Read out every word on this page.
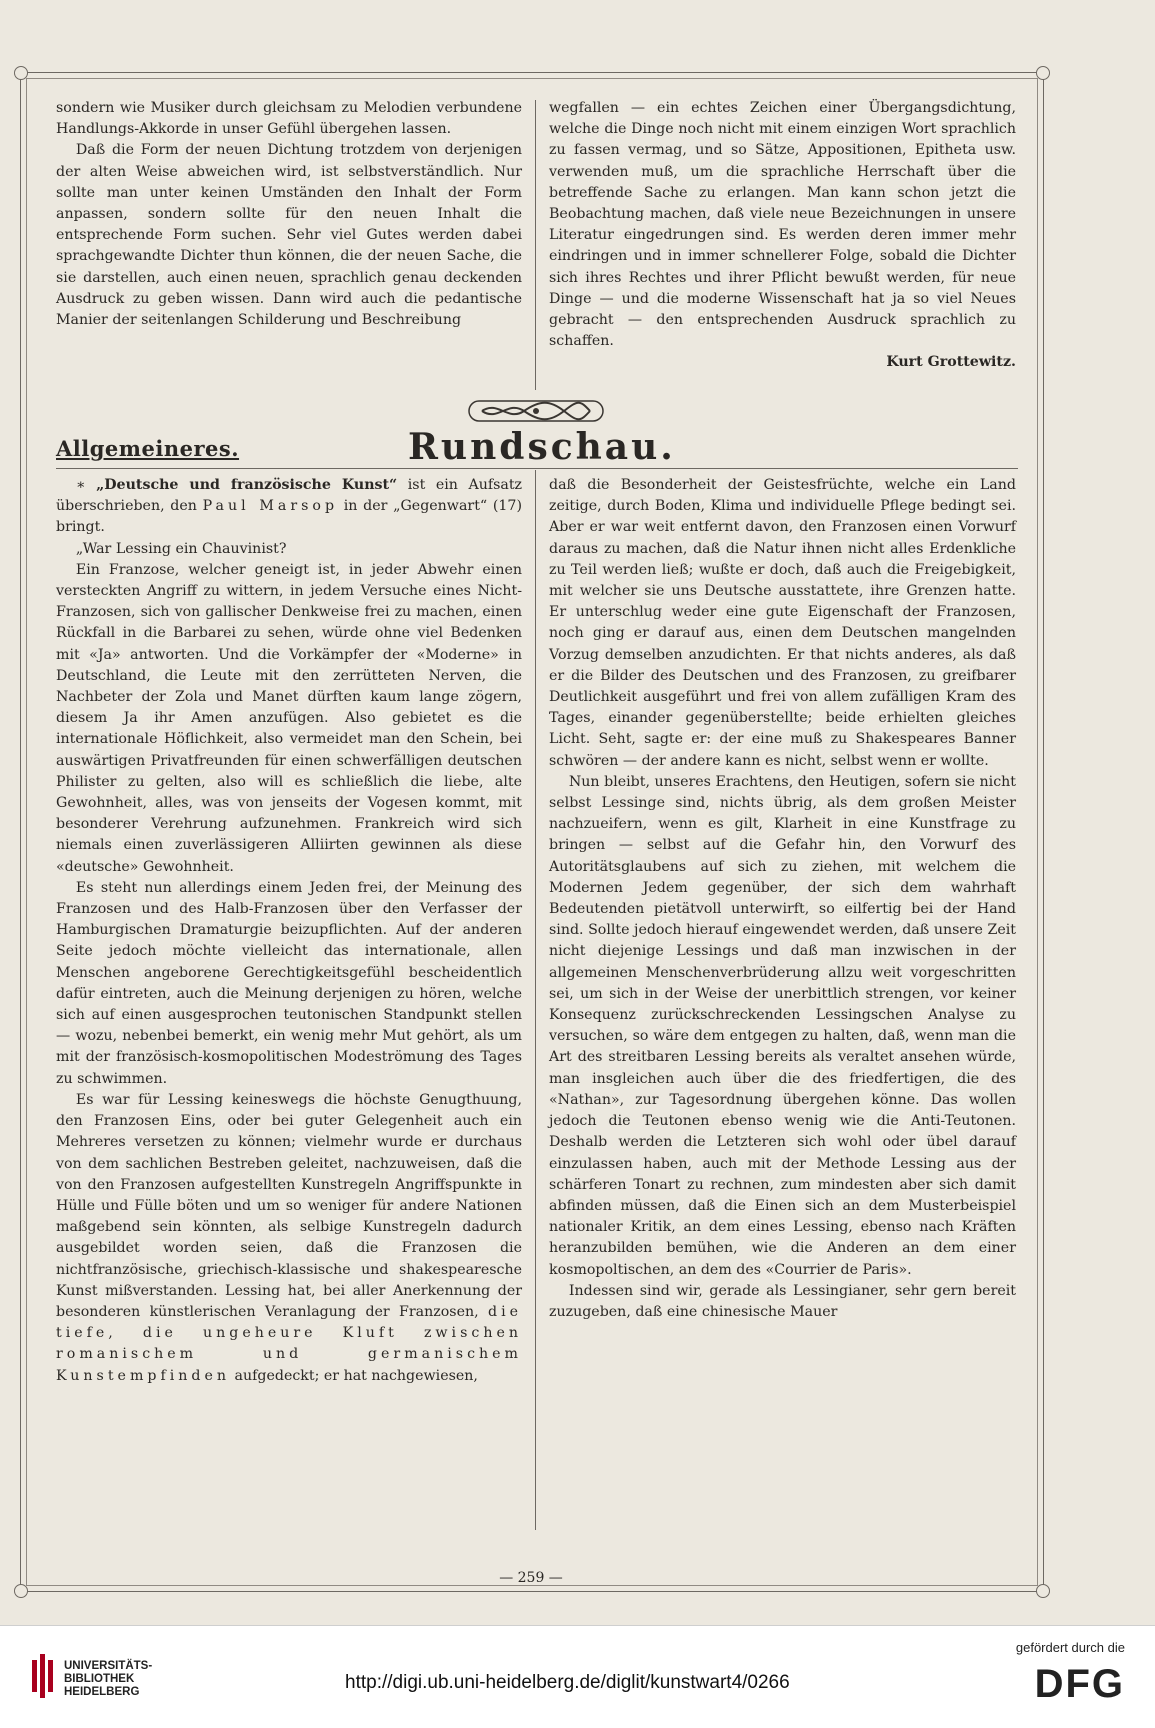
sondern wie Musiker durch gleichsam zu Melodien verbundene Handlungs-Akkorde in unser Gefühl übergehen lassen.

Daß die Form der neuen Dichtung trotzdem von derjenigen der alten Weise abweichen wird, ist selbstverständlich. Nur sollte man unter keinen Umständen den Inhalt der Form anpassen, sondern sollte für den neuen Inhalt die entsprechende Form suchen. Sehr viel Gutes werden dabei sprachgewandte Dichter thun können, die der neuen Sache, die sie darstellen, auch einen neuen, sprachlich genau deckenden Ausdruck zu geben wissen. Dann wird auch die pedantische Manier der seitenlangen Schilderung und Beschreibung

wegfallen — ein echtes Zeichen einer Übergangsdichtung, welche die Dinge noch nicht mit einem einzigen Wort sprachlich zu fassen vermag, und so Sätze, Appositionen, Epitheta usw. verwenden muß, um die sprachliche Herrschaft über die betreffende Sache zu erlangen. Man kann schon jetzt die Beobachtung machen, daß viele neue Bezeichnungen in unsere Literatur eingedrungen sind. Es werden deren immer mehr eindringen und in immer schnellerer Folge, sobald die Dichter sich ihres Rechtes und ihrer Pflicht bewußt werden, für neue Dinge — und die moderne Wissenschaft hat ja so viel Neues gebracht — den entsprechenden Ausdruck sprachlich zu schaffen.

Kurt Grottewitz.

Allgemeineres.	Rundschau.

∗ „Deutsche und französische Kunst“ ist ein Aufsatz überschrieben, den Paul Marsop in der „Gegenwart“ (17) bringt.

„War Lessing ein Chauvinist?

Ein Franzose, welcher geneigt ist, in jeder Abwehr einen versteckten Angriff zu wittern, in jedem Versuche eines Nicht-Franzosen, sich von gallischer Denkweise frei zu machen, einen Rückfall in die Barbarei zu sehen, würde ohne viel Bedenken mit «Ja» antworten. Und die Vorkämpfer der «Moderne» in Deutschland, die Leute mit den zerrütteten Nerven, die Nachbeter der Zola und Manet dürften kaum lange zögern, diesem Ja ihr Amen anzufügen. Also gebietet es die internationale Höflichkeit, also vermeidet man den Schein, bei auswärtigen Privatfreunden für einen schwerfälligen deutschen Philister zu gelten, also will es schließlich die liebe, alte Gewohnheit, alles, was von jenseits der Vogesen kommt, mit besonderer Verehrung aufzunehmen. Frankreich wird sich niemals einen zuverlässigeren Alliirten gewinnen als diese «deutsche» Gewohnheit.

Es steht nun allerdings einem Jeden frei, der Meinung des Franzosen und des Halb-Franzosen über den Verfasser der Hamburgischen Dramaturgie beizupflichten. Auf der anderen Seite jedoch möchte vielleicht das internationale, allen Menschen angeborene Gerechtigkeitsgefühl bescheidentlich dafür eintreten, auch die Meinung derjenigen zu hören, welche sich auf einen ausgesprochen teutonischen Standpunkt stellen — wozu, nebenbei bemerkt, ein wenig mehr Mut gehört, als um mit der französisch-kosmopolitischen Modeströmung des Tages zu schwimmen.

Es war für Lessing keineswegs die höchste Genugthuung, den Franzosen Eins, oder bei guter Gelegenheit auch ein Mehreres versetzen zu können; vielmehr wurde er durchaus von dem sachlichen Bestreben geleitet, nachzuweisen, daß die von den Franzosen aufgestellten Kunstregeln Angriffspunkte in Hülle und Fülle böten und um so weniger für andere Nationen maßgebend sein könnten, als selbige Kunstregeln dadurch ausgebildet worden seien, daß die Franzosen die nichtfranzösische, griechisch-klassische und shakespearesche Kunst mißverstanden. Lessing hat, bei aller Anerkennung der besonderen künstlerischen Veranlagung der Franzosen, die tiefe, die ungeheure Kluft zwischen romanischem und germanischem Kunstempfinden aufgedeckt; er hat nachgewiesen,

daß die Besonderheit der Geistesfrüchte, welche ein Land zeitige, durch Boden, Klima und individuelle Pflege bedingt sei. Aber er war weit entfernt davon, den Franzosen einen Vorwurf daraus zu machen, daß die Natur ihnen nicht alles Erdenkliche zu Teil werden ließ; wußte er doch, daß auch die Freigebigkeit, mit welcher sie uns Deutsche ausstattete, ihre Grenzen hatte. Er unterschlug weder eine gute Eigenschaft der Franzosen, noch ging er darauf aus, einen dem Deutschen mangelnden Vorzug demselben anzudichten. Er that nichts anderes, als daß er die Bilder des Deutschen und des Franzosen, zu greifbarer Deutlichkeit ausgeführt und frei von allem zufälligen Kram des Tages, einander gegenüberstellte; beide erhielten gleiches Licht. Seht, sagte er: der eine muß zu Shakespeares Banner schwören — der andere kann es nicht, selbst wenn er wollte.

Nun bleibt, unseres Erachtens, den Heutigen, sofern sie nicht selbst Lessinge sind, nichts übrig, als dem großen Meister nachzueifern, wenn es gilt, Klarheit in eine Kunstfrage zu bringen — selbst auf die Gefahr hin, den Vorwurf des Autoritätsglaubens auf sich zu ziehen, mit welchem die Modernen Jedem gegenüber, der sich dem wahrhaft Bedeutenden pietätvoll unterwirft, so eilfertig bei der Hand sind. Sollte jedoch hierauf eingewendet werden, daß unsere Zeit nicht diejenige Lessings und daß man inzwischen in der allgemeinen Menschenverbrüderung allzu weit vorgeschritten sei, um sich in der Weise der unerbittlich strengen, vor keiner Konsequenz zurückschreckenden Lessingschen Analyse zu versuchen, so wäre dem entgegen zu halten, daß, wenn man die Art des streitbaren Lessing bereits als veraltet ansehen würde, man insgleichen auch über die des friedfertigen, die des «Nathan», zur Tagesordnung übergehen könne. Das wollen jedoch die Teutonen ebenso wenig wie die Anti-Teutonen. Deshalb werden die Letzteren sich wohl oder übel darauf einzulassen haben, auch mit der Methode Lessing aus der schärferen Tonart zu rechnen, zum mindesten aber sich damit abfinden müssen, daß die Einen sich an dem Musterbeispiel nationaler Kritik, an dem eines Lessing, ebenso nach Kräften heranzubilden bemühen, wie die Anderen an dem einer kosmopoltischen, an dem des «Courrier de Paris».

Indessen sind wir, gerade als Lessingianer, sehr gern bereit zuzugeben, daß eine chinesische Mauer

— 259 —
UNIVERSITÄTS-
BIBLIOTHEK
HEIDELBERG	http://digi.ub.uni-heidelberg.de/diglit/kunstwart4/0266
gefördert durch die
DFG
